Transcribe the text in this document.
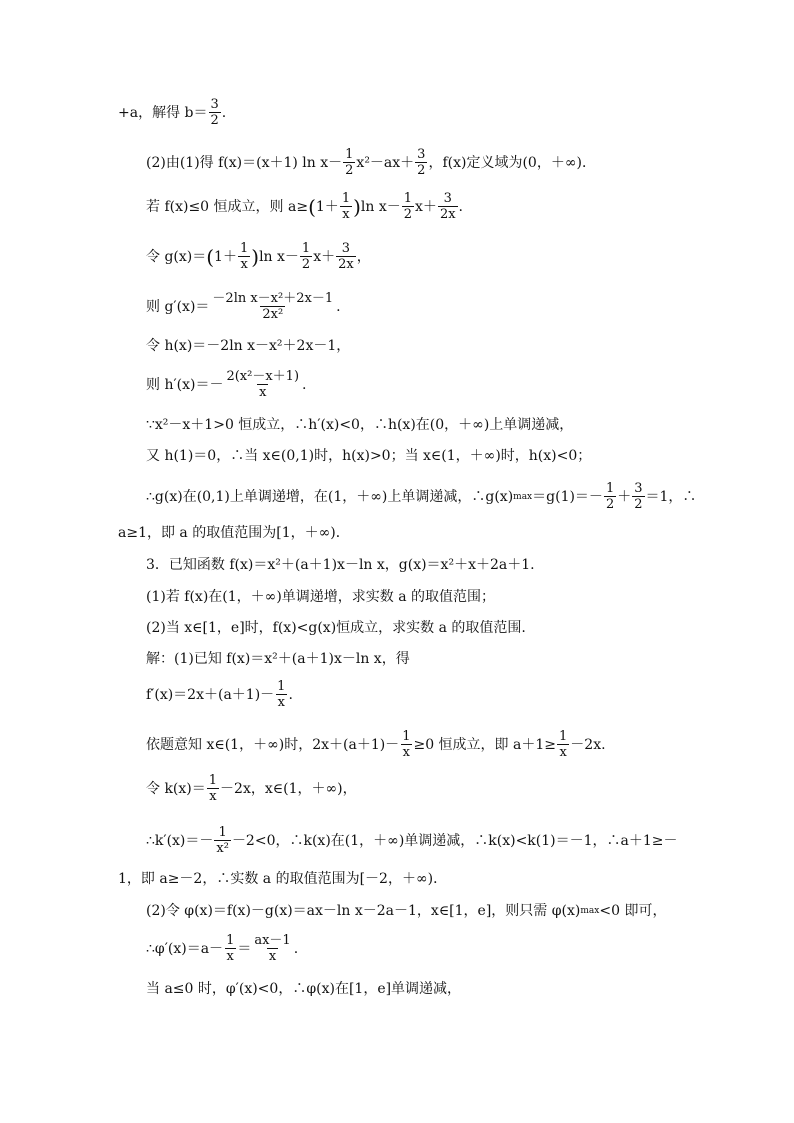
+a，解得 $b= \frac{3}{2}$ .
(2)由(1)得 f(x)＝(x＋1) $\ln x- \frac{1}{2} x^2-ax+ \frac{3}{2}$ ，f(x)定义域为(0，＋∞)．
若 f(x)≤0 恒成立，则 a≥ ( $1+ \frac{1}{x}$ ) $\ln x- \frac{1}{2} x+ \frac{3}{2x}$ .
令 g(x)＝ ( $1+ \frac{1}{x}$ ) $\ln x- \frac{1}{2} x+ \frac{3}{2x}$ ，
则 $g'(x)= \frac{\text{－2ln x－x²＋2x－1}}{\text{2x²}}$ .
令 h(x)＝－2ln x－x²＋2x－1，
则 $h'(x)=- \frac{\text{2(x²－x＋1)}}{x}$ .
∵x²－x＋1>0 恒成立，∴h′(x)<0，∴h(x)在(0，＋∞)上单调递减，
又 h(1)＝0，∴当 x∈(0,1)时，h(x)>0；当 x∈(1，＋∞)时，h(x)<0；
∴g(x)在(0,1)上单调递增，在(1，＋∞)上单调递减，∴g(x) $\max =g(1)=- \frac{1}{2} + \frac{3}{2} =1$，∴
a≥1，即 a 的取值范围为[1，＋∞)．
3．已知函数 f(x)＝x²＋(a＋1)x－ln x，g(x)＝x²＋x＋2a＋1.
(1)若 f(x)在(1，＋∞)单调递增，求实数 a 的取值范围；
(2)当 x∈[1，e]时，f(x)<g(x)恒成立，求实数 a 的取值范围.
解：(1)已知 f(x)＝x²＋(a＋1)x－ln x，得
$f'(x)=2x+(a+1)- \frac{1}{x}$ .
依题意知 x∈(1，＋∞)时，$2x+(a+1)- \frac{1}{x} \ge 0$ 恒成立，即 $a+1\ge \frac{1}{x} -2x$.
令 $k(x)= \frac{1}{x} -2x$，x∈(1，＋∞)，
∴k′(x)＝－ $\frac{1}{\text{x²}} -2<0$，∴k(x)在(1，＋∞)单调递减，∴k(x)<k(1)＝－1，∴a＋1≥－
1，即 a≥－2，∴实数 a 的取值范围为[－2，＋∞)．
(2)令 φ(x)＝f(x)－g(x)＝ax－ln x－2a－1，x∈[1，e]，则只需 φ(x) max <0 即可，
∴φ′(x)＝a－ $\frac{1}{x} = \frac{ax-1}{x}$ .
当 a≤0 时，φ′(x)<0，∴φ(x)在[1，e]单调递减，
